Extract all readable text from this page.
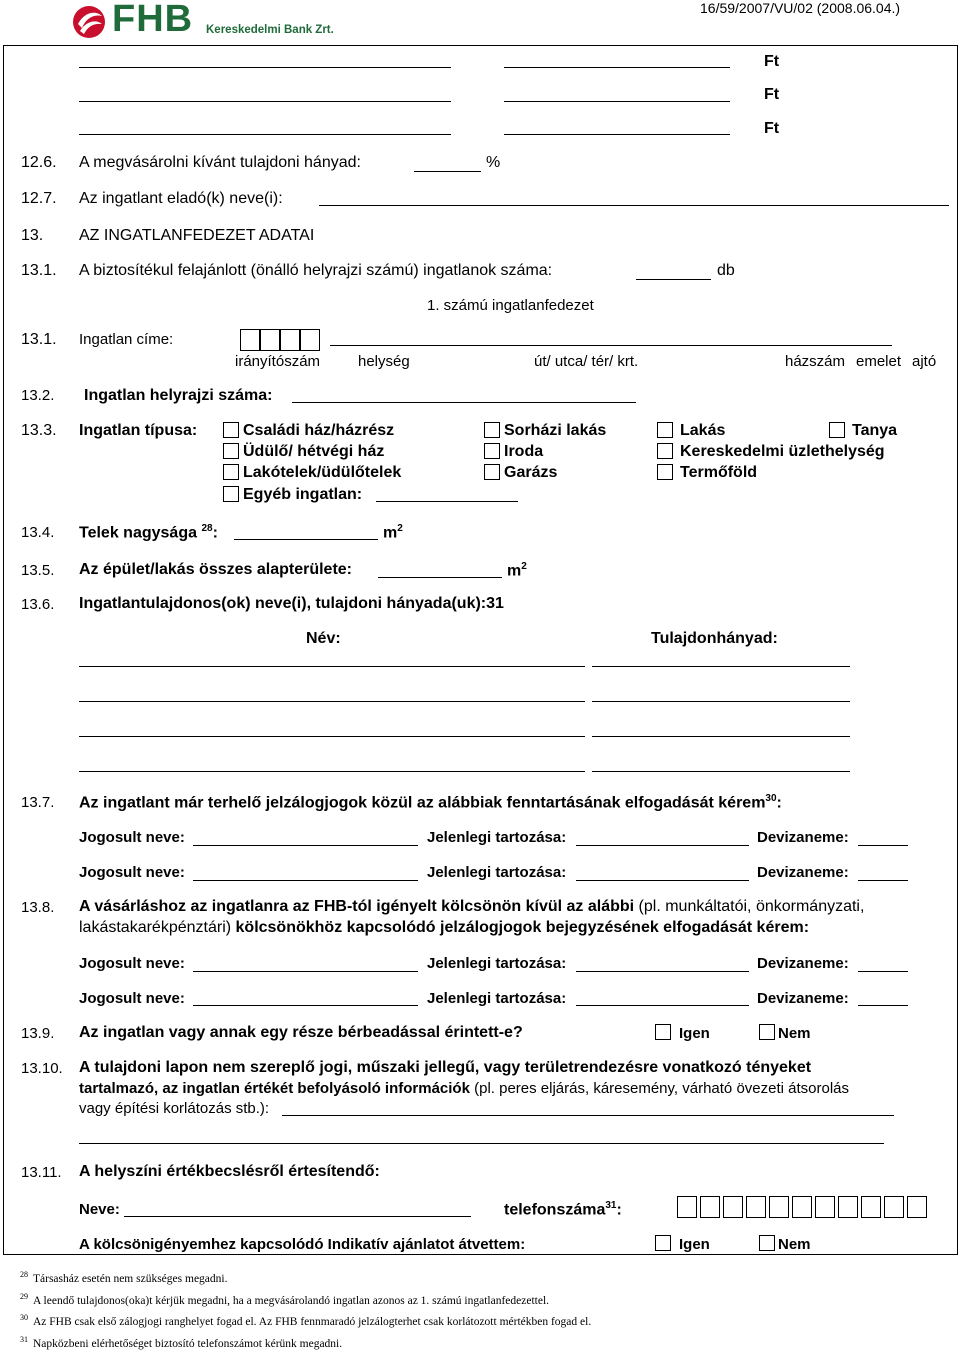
FHB Kereskedelmi Bank Zrt.
16/59/2007/VU/02 (2008.06.04.)
Ft
Ft
Ft
12.6. A megvásárolni kívánt tulajdoni hányad:	%
12.7. Az ingatlant eladó(k) neve(i):
13. AZ INGATLANFEDEZET ADATAI
13.1. A biztosítékul felajánlott (önálló helyrajzi számú) ingatlanok száma:	db
1. számú ingatlanfedezet
13.1. Ingatlan címe:
irányítószám	helység	út/ utca/ tér/ krt.	házszám emelet ajtó
13.2. Ingatlan helyrajzi száma:
13.3. Ingatlan típusa:	Családi ház/házrész	Sorházi lakás	Lakás	Tanya
Üdülő/ hétvégi ház	Iroda	Kereskedelmi üzlethelység
Lakótelek/üdülőtelek	Garázs	Termőföld
Egyéb ingatlan:
13.4. Telek nagysága $^{28}$:	$m^2$
13.5. Az épület/lakás összes alapterülete:	$m^2$
13.6. Ingatlantulajdonos(ok) neve(i), tulajdoni hányada(uk):31
Név:	Tulajdonhányad:
13.7. Az ingatlant már terhelő jelzálogjogok közül az alábbiak fenntartásának elfogadását kérem$^{30}$:
Jogosult neve:	Jelenlegi tartozása:	Devizaneme:
Jogosult neve:	Jelenlegi tartozása:	Devizaneme:
13.8. A vásárláshoz az ingatlanra az FHB-tól igényelt kölcsönön kívül az alábbi (pl. munkáltatói, önkormányzati,
lakástakarékpénztári) kölcsönökhöz kapcsolódó jelzálogjogok bejegyzésének elfogadását kérem:
Jogosult neve:	Jelenlegi tartozása:	Devizaneme:
Jogosult neve:	Jelenlegi tartozása:	Devizaneme:
13.9. Az ingatlan vagy annak egy része bérbeadással érintett-e?	Igen	Nem
13.10. A tulajdoni lapon nem szereplő jogi, műszaki jellegű, vagy területrendezésre vonatkozó tényeket
tartalmazó, az ingatlan értékét befolyásoló információk (pl. peres eljárás, káresemény, várható övezeti átsorolás
vagy építési korlátozás stb.):
13.11. A helyszíni értékbecslésről értesítendő:
Neve:	telefonszáma$^{31}$:
A kölcsönigényemhez kapcsolódó Indikatív ajánlatot átvettem:	Igen	Nem
28 Társasház esetén nem szükséges megadni.
29 A leendő tulajdonos(oka)t kérjük megadni, ha a megvásárolandó ingatlan azonos az 1. számú ingatlanfedezettel.
30 Az FHB csak első zálogjogi ranghelyet fogad el. Az FHB fennmaradó jelzálogterhet csak korlátozott mértékben fogad el.
31 Napközbeni elérhetőséget biztosító telefonszámot kérünk megadni.
